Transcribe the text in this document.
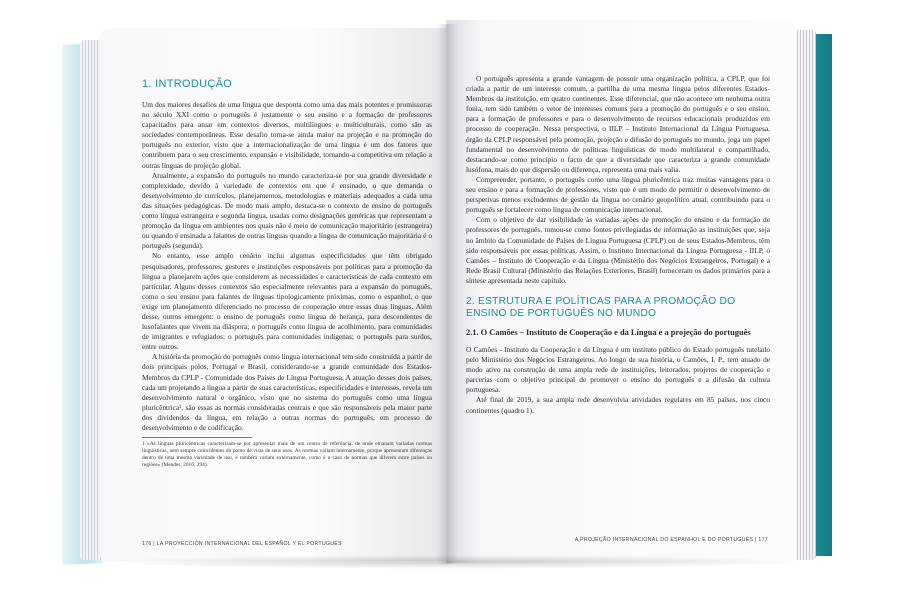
1. INTRODUÇÃO

Um dos maiores desafios de uma língua que desponta como uma das mais potentes e promissoras no século XXI como o português é justamente o seu ensino e a formação de professores capacitados para atuar em contextos diversos, multilíngues e multiculturais, como são as sociedades contemporâneas. Esse desafio torna-se ainda maior na projeção e na promoção do português no exterior, visto que a internacionalização de uma língua é um dos fatores que contribuem para o seu crescimento, expansão e visibilidade, tornando-a competitiva em relação a outras línguas de projeção global.

Atualmente, a expansão do português no mundo caracteriza-se por sua grande diversidade e complexidade, devido à variedade de contextos em que é ensinado, o que demanda o desenvolvimento de currículos, planejamentos, metodologias e materiais adequados a cada uma das situações pedagógicas. De modo mais amplo, destaca-se o contexto de ensino de português como língua estrangeira e segunda língua, usadas como designações genéricas que representam a promoção da língua em ambientes nos quais não é meio de comunicação majoritário (estrangeira) ou quando é ensinada a falantes de outras línguas quando a língua de comunicação majoritária é o português (segunda).

No entanto, esse amplo cenário inclui algumas especificidades que têm obrigado pesquisadores, professores, gestores e instituições responsáveis por políticas para a promoção da língua a planejarem ações que considerem as necessidades e características de cada contexto em particular. Alguns desses contextos são especialmente relevantes para a expansão do português, como o seu ensino para falantes de línguas tipologicamente próximas, como o espanhol, o que exige um planejamento diferenciado no processo de cooperação entre essas duas línguas. Além desse, outros emergem: o ensino de português como língua de herança, para descendentes de lusofalantes que vivem na diáspora; o português como língua de acolhimento, para comunidades de imigrantes e refugiados; o português para comunidades indígenas; o português para surdos, entre outros.

A história da promoção do português como língua internacional tem sido construída a partir de dois principais polos, Portugal e Brasil, considerando-se a grande comunidade dos Estados-Membros da CPLP - Comunidade dos Países de Língua Portuguesa. A atuação desses dois países, cada um projetando a língua a partir de suas características, especificidades e interesses, revela um desenvolvimento natural e orgânico, visto que no sistema do português como uma língua pluricêntrica¹, são essas as normas consideradas centrais e que são responsáveis pela maior parte dos dividendos da língua, em relação a outras normas do português, em processo de desenvolvimento e de codificação.

1 «As línguas pluricêntricas caracterizam-se por apresentar mais de um centro de referência, de onde emanam variadas normas linguísticas, nem sempre coincidentes do ponto de vista de seus usos. As normas variam internamente, porque apresentam diferenças dentro de uma mesma variedade de uso, e também variam externamente, como é o caso de normas que diferem entre países ou regiões» (Mendes, 2016: 294).

176 | LA PROYECCIÓN INTERNACIONAL DEL ESPAÑOL Y EL PORTUGUÉS

O português apresenta a grande vantagem de possuir uma organização política, a CPLP, que foi criada a partir de um interesse comum, a partilha de uma mesma língua pelos diferentes Estados-Membros da instituição, em quatro continentes. Esse diferencial, que não acontece em nenhuma outra fonia, tem sido também o vetor de interesses comuns para a promoção do português e o seu ensino, para a formação de professores e para o desenvolvimento de recursos educacionais produzidos em processo de cooperação. Nessa perspectiva, o IILP – Instituto Internacional da Língua Portuguesa, órgão da CPLP responsável pela promoção, projeção e difusão do português no mundo, joga um papel fundamental no desenvolvimento de políticas linguísticas de modo multilateral e compartilhado, destacando-se como princípio o facto de que a diversidade que caracteriza a grande comunidade lusófona, mais do que dispersão ou diferença, representa uma mais valia.

Compreender, portanto, o português como uma língua pluricêntrica traz muitas vantagens para o seu ensino e para a formação de professores, visto que é um modo de permitir o desenvolvimento de perspetivas menos excludentes de gestão da língua no cenário geopolítico atual, contribuindo para o português se fortalecer como língua de comunicação internacional.

Com o objetivo de dar visibilidade às variadas ações de promoção do ensino e da formação de professores de português, tomou-se como fontes privilegiadas de informação as instituições que, seja no âmbito da Comunidade de Países de Língua Portuguesa (CPLP) ou de seus Estados-Membros, têm sido responsáveis por essas políticas. Assim, o Instituto Internacional da Língua Portuguesa - IILP, o Camões – Instituto de Cooperação e da Língua (Ministério dos Negócios Estrangeiros, Portugal) e a Rede Brasil Cultural (Ministério das Relações Exteriores, Brasil) forneceram os dados primários para a síntese apresentada neste capítulo.

2. ESTRUTURA E POLÍTICAS PARA A PROMOÇÃO DO ENSINO DE PORTUGUÊS NO MUNDO
2.1. O Camões – Instituto de Cooperação e da Língua e a projeção do português

O Camões - Instituto da Cooperação e da Língua é um instituto público do Estado português tutelado pelo Ministério dos Negócios Estrangeiros. Ao longo de sua história, o Camões, I. P., tem atuado de modo ativo na construção de uma ampla rede de instituições, leitorados, projetos de cooperação e parcerias com o objetivo principal de promover o ensino do português e a difusão da cultura portuguesa.

Até final de 2019, a sua ampla rede desenvolvia atividades regulares em 85 países, nos cinco continentes (quadro 1).

A PROJEÇÃO INTERNACIONAL DO ESPANHOL E DO PORTUGUÊS | 177
